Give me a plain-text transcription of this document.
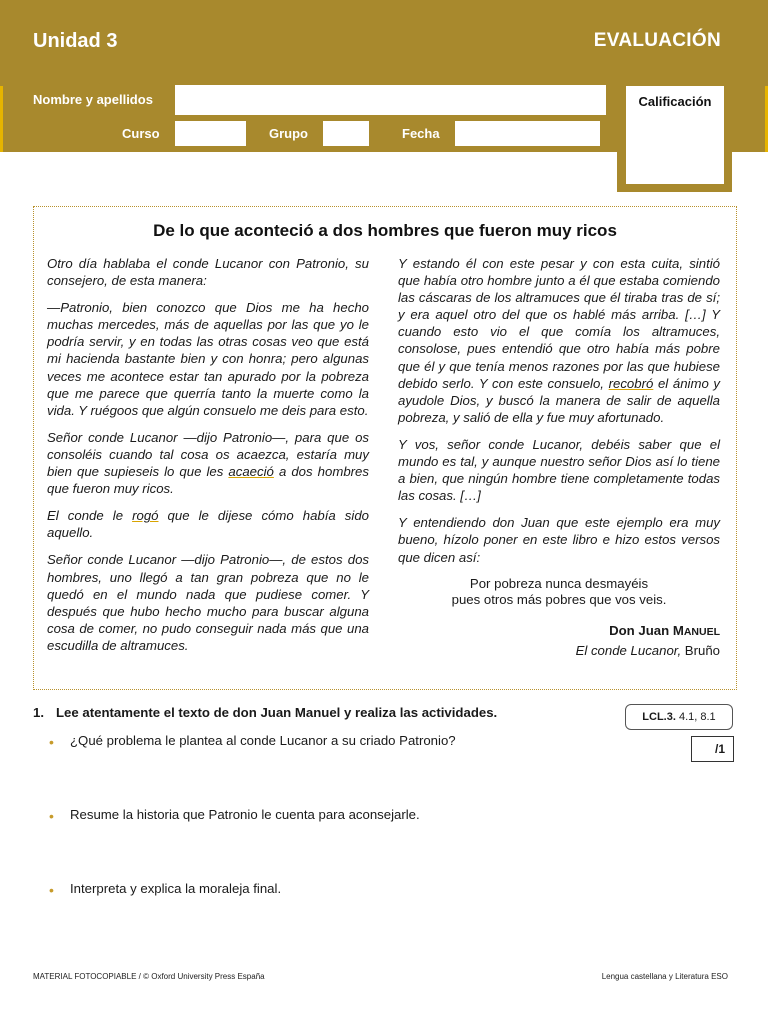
Unidad 3	EVALUACIÓN
Nombre y apellidos
Curso	Grupo	Fecha
Calificación
De lo que aconteció a dos hombres que fueron muy ricos

Otro día hablaba el conde Lucanor con Patronio, su consejero, de esta manera:

—Patronio, bien conozco que Dios me ha hecho muchas mercedes, más de aquellas por las que yo le podría servir, y en todas las otras cosas veo que está mi hacienda bastante bien y con honra; pero algunas veces me acontece estar tan apurado por la pobreza que me parece que querría tanto la muerte como la vida. Y ruégoos que algún consuelo me deis para esto.

Señor conde Lucanor —dijo Patronio—, para que os consoléis cuando tal cosa os acaezca, estaría muy bien que supieseis lo que les acaeció a dos hombres que fueron muy ricos.

El conde le rogó que le dijese cómo había sido aquello.

Señor conde Lucanor —dijo Patronio—, de estos dos hombres, uno llegó a tan gran pobreza que no le quedó en el mundo nada que pudiese comer. Y después que hubo hecho mucho para buscar alguna cosa de comer, no pudo conseguir nada más que una escudilla de altramuces.

Y estando él con este pesar y con esta cuita, sintió que había otro hombre junto a él que estaba comiendo las cáscaras de los altramuces que él tiraba tras de sí; y era aquel otro del que os hablé más arriba. […] Y cuando esto vio el que comía los altramuces, consolose, pues entendió que otro había más pobre que él y que tenía menos razones por las que hubiese debido serlo. Y con este consuelo, recobró el ánimo y ayudole Dios, y buscó la manera de salir de aquella pobreza, y salió de ella y fue muy afortunado.

Y vos, señor conde Lucanor, debéis saber que el mundo es tal, y aunque nuestro señor Dios así lo tiene a bien, que ningún hombre tiene completamente todas las cosas. […]

Y entendiendo don Juan que este ejemplo era muy bueno, hízolo poner en este libro e hizo estos versos que dicen así:

Por pobreza nunca desmayéis
pues otros más pobres que vos veis.
Don Juan MANUEL
El conde Lucanor, Bruño
1. Lee atentamente el texto de don Juan Manuel y realiza las actividades.	LCL.3. 4.1, 8.1
/1
• ¿Qué problema le plantea al conde Lucanor a su criado Patronio?
• Resume la historia que Patronio le cuenta para aconsejarle.
• Interpreta y explica la moraleja final.
MATERIAL FOTOCOPIABLE / © Oxford University Press España	Lengua castellana y Literatura ESO
